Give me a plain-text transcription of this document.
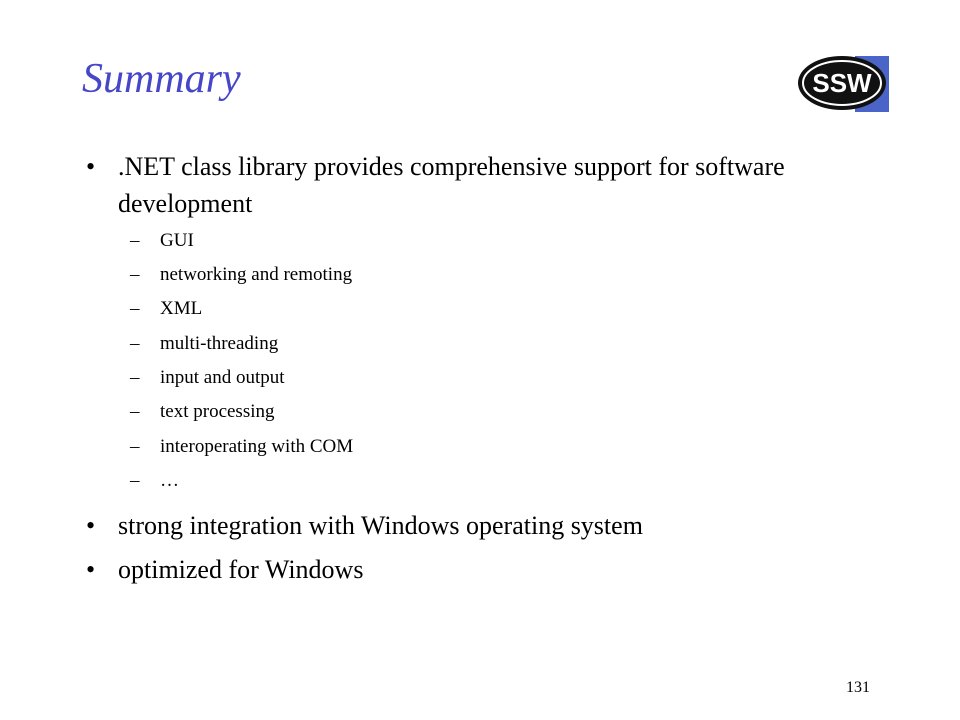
Summary	SSW
• .NET class library provides comprehensive support for software development
– GUI
– networking and remoting
– XML
– multi-threading
– input and output
– text processing
– interoperating with COM
– …
• strong integration with Windows operating system
• optimized for Windows
131
